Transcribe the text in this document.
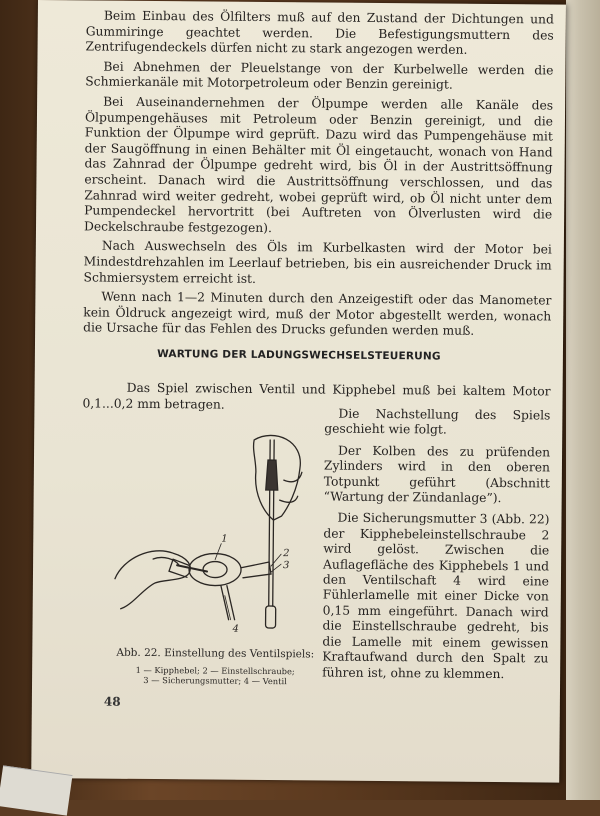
Beim Einbau des Ölfilters muß auf den Zustand der Dichtungen und Gummiringe geachtet werden. Die Befestigungsmuttern des Zentrifugendeckels dürfen nicht zu stark angezogen werden.

Bei Abnehmen der Pleuelstange von der Kurbelwelle werden die Schmierkanäle mit Motorpetroleum oder Benzin gereinigt.

Bei Auseinandernehmen der Ölpumpe werden alle Kanäle des Ölpumpengehäuses mit Petroleum oder Benzin gereinigt, und die Funktion der Ölpumpe wird geprüft. Dazu wird das Pumpengehäuse mit der Saugöffnung in einen Behälter mit Öl eingetaucht, wonach von Hand das Zahnrad der Ölpumpe gedreht wird, bis Öl in der Austrittsöffnung erscheint. Danach wird die Austrittsöffnung verschlossen, und das Zahnrad wird weiter gedreht, wobei geprüft wird, ob Öl nicht unter dem Pumpendeckel hervortritt (bei Auftreten von Ölverlusten wird die Deckelschraube festgezogen).

Nach Auswechseln des Öls im Kurbelkasten wird der Motor bei Mindestdrehzahlen im Leerlauf betrieben, bis ein ausreichender Druck im Schmiersystem erreicht ist.

Wenn nach 1—2 Minuten durch den Anzeigestift oder das Manometer kein Öldruck angezeigt wird, muß der Motor abgestellt werden, wonach die Ursache für das Fehlen des Drucks gefunden werden muß.

WARTUNG DER LADUNGSWECHSELSTEUERUNG

Das Spiel zwischen Ventil und Kipphebel muß bei kaltem Motor 0,1...0,2 mm betragen.

1
2
3
4

Die Nachstellung des Spiels geschieht wie folgt.

Der Kolben des zu prüfenden Zylinders wird in den oberen Totpunkt geführt (Abschnitt “Wartung der Zündanlage”).

Die Sicherungsmutter 3 (Abb. 22) der Kipphebeleinstellschraube 2 wird gelöst. Zwischen die Auflagefläche des Kipphebels 1 und den Ventilschaft 4 wird eine Fühlerlamelle mit einer Dicke von 0,15 mm eingeführt. Danach wird die Einstellschraube gedreht, bis die Lamelle mit einem gewissen Kraftaufwand durch den Spalt zu führen ist, ohne zu klemmen.

Abb. 22. Einstellung des Ventilspiels:
1 — Kipphebel; 2 — Einstellschraube;
3 — Sicherungsmutter; 4 — Ventil
48
